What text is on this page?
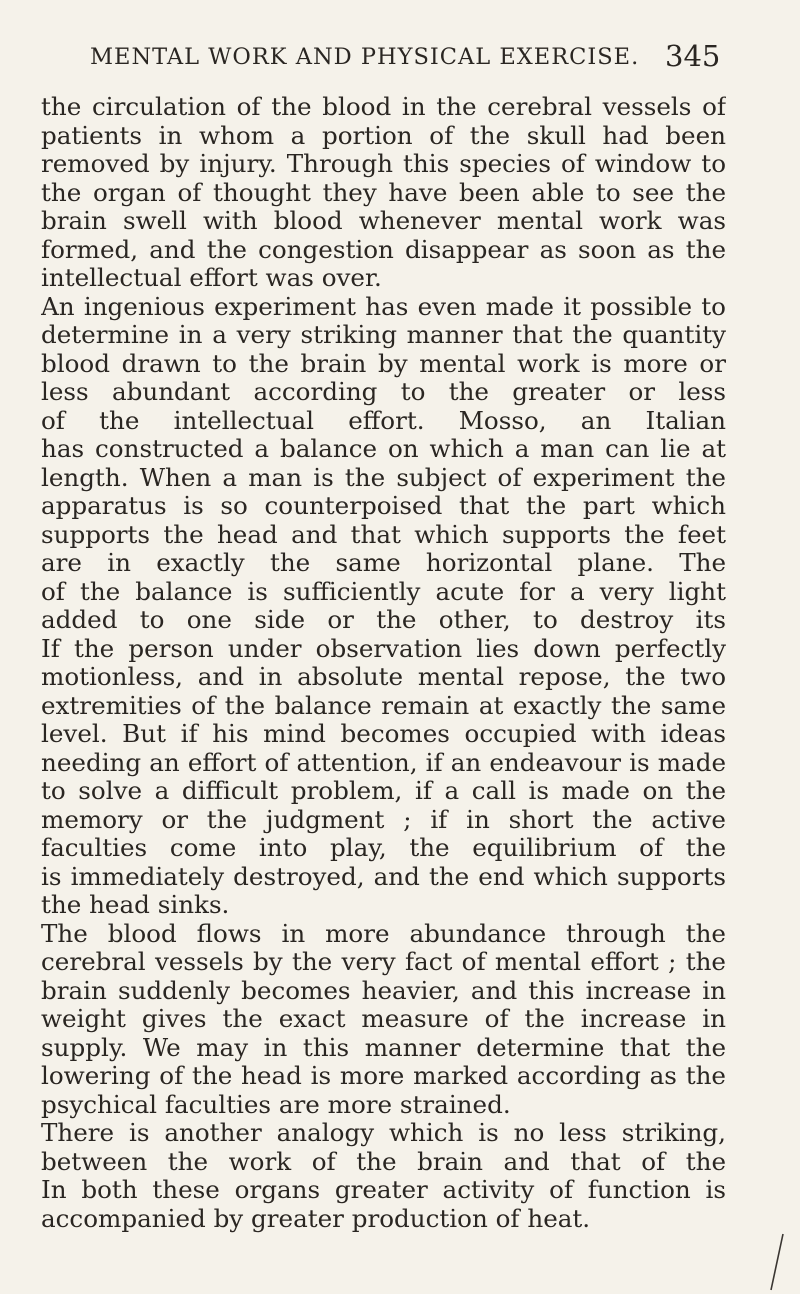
MENTAL WORK AND PHYSICAL EXERCISE. 345
the circulation of the blood in the cerebral vessels of
patients in whom a portion of the skull had been
removed by injury. Through this species of window to
the organ of thought they have been able to see the
brain swell with blood whenever mental work was
formed, and the congestion disappear as soon as the
intellectual effort was over.
An ingenious experiment has even made it possible to
determine in a very striking manner that the quantity
blood drawn to the brain by mental work is more or
less abundant according to the greater or less
of the intellectual effort. Mosso, an Italian
has constructed a balance on which a man can lie at
length. When a man is the subject of experiment the
apparatus is so counterpoised that the part which
supports the head and that which supports the feet
are in exactly the same horizontal plane. The
of the balance is sufficiently acute for a very light
added to one side or the other, to destroy its
If the person under observation lies down perfectly
motionless, and in absolute mental repose, the two
extremities of the balance remain at exactly the same
level. But if his mind becomes occupied with ideas
needing an effort of attention, if an endeavour is made
to solve a difficult problem, if a call is made on the
memory or the judgment ; if in short the active
faculties come into play, the equilibrium of the
is immediately destroyed, and the end which supports
the head sinks.
The blood flows in more abundance through the
cerebral vessels by the very fact of mental effort ; the
brain suddenly becomes heavier, and this increase in
weight gives the exact measure of the increase in
supply. We may in this manner determine that the
lowering of the head is more marked according as the
psychical faculties are more strained.
There is another analogy which is no less striking,
between the work of the brain and that of the
In both these organs greater activity of function is
accompanied by greater production of heat.
